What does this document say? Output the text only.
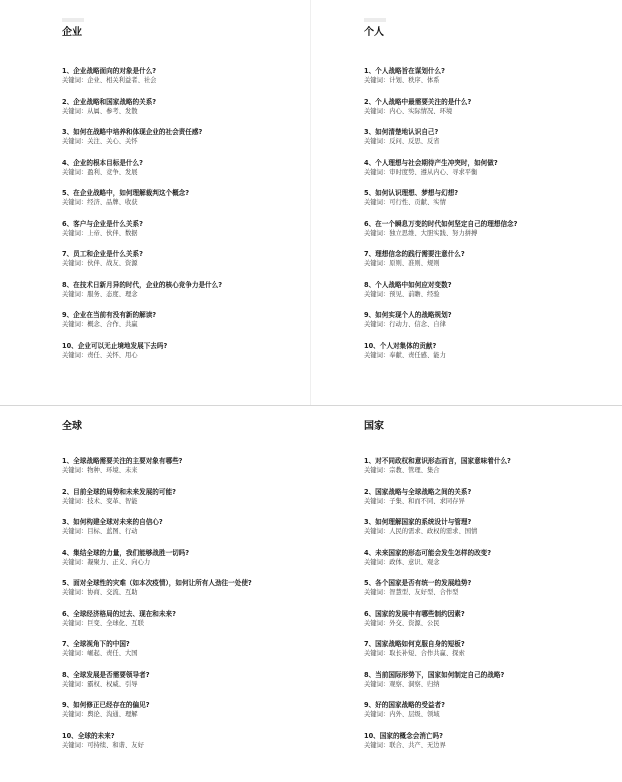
企业
1、企业战略面向的对象是什么?
关键词：企业、相关利益者、社会
2、企业战略和国家战略的关系?
关键词：从属、参考、发散
3、如何在战略中培养和体现企业的社会责任感?
关键词：关注、关心、关怀
4、企业的根本目标是什么?
关键词：盈利、竞争、发展
5、在企业战略中，如何理解裁判这个概念?
关键词：经济、品牌、收获
6、客户与企业是什么关系?
关键词：上帝、伙伴、数据
7、员工和企业是什么关系?
关键词：伙伴、战友、资源
8、在技术日新月异的时代，企业的核心竞争力是什么?
关键词：服务、态度、理念
9、企业在当前有没有新的解读?
关键词：概念、合作、共赢
10、企业可以无止境地发展下去吗?
关键词：责任、关怀、用心
个人
1、个人战略旨在谋划什么?
关键词：计划、秩序、体系
2、个人战略中最需要关注的是什么?
关键词：内心、实际情况、环境
3、如何清楚地认识自己?
关键词：反问、反思、反省
4、个人理想与社会期待产生冲突时，如何做?
关键词：审时度势、遵从内心、寻求平衡
5、如何认识理想、梦想与幻想?
关键词：可行性、贡献、实情
6、在一个瞬息万变的时代如何坚定自己的理想信念?
关键词：独立思维、大胆实践、努力拼搏
7、理想信念的践行需要注意什么?
关键词：原则、准则、规则
8、个人战略中如何应对变数?
关键词：预见、前瞻、经验
9、如何实现个人的战略规划?
关键词：行动力、信念、自律
10、个人对集体的贡献?
关键词：奉献、责任感、能力
全球
1、全球战略需要关注的主要对象有哪些?
关键词：物种、环境、未来
2、目前全球的局势和未来发展的可能?
关键词：技术、变革、智能
3、如何构建全球对未来的自信心?
关键词：目标、蓝图、行动
4、集结全球的力量，我们能够战胜一切吗?
关键词：凝聚力、正义、向心力
5、面对全球性的灾难（如本次疫情），如何让所有人劲往一处使?
关键词：协商、交流、互助
6、全球经济格局的过去、现在和未来?
关键词：巨变、全球化、互联
7、全球视角下的中国?
关键词：崛起、责任、大国
8、全球发展是否需要领导者?
关键词：霸权、权威、引导
9、如何修正已经存在的偏见?
关键词：舆论、沟通、理解
10、全球的未来?
关键词：可持续、和谐、友好
国家
1、对不同政权和意识形态而言，国家意味着什么?
关键词：宗教、管理、集合
2、国家战略与全球战略之间的关系?
关键词：子集、和而不同、求同存异
3、如何理解国家的系统设计与管理?
关键词：人民的需求、政权的需求、国情
4、未来国家的形态可能会发生怎样的改变?
关键词：政体、意识、观念
5、各个国家是否有统一的发展趋势?
关键词：智慧型、友好型、合作型
6、国家的发展中有哪些制约因素?
关键词：外交、资源、公民
7、国家战略如何克服自身的短板?
关键词：取长补短、合作共赢、探索
8、当前国际形势下，国家如何制定自己的战略?
关键词：观察、洞察、归纳
9、好的国家战略的受益者?
关键词：内外、层级、领域
10、国家的概念会消亡吗?
关键词：联合、共产、无边界
